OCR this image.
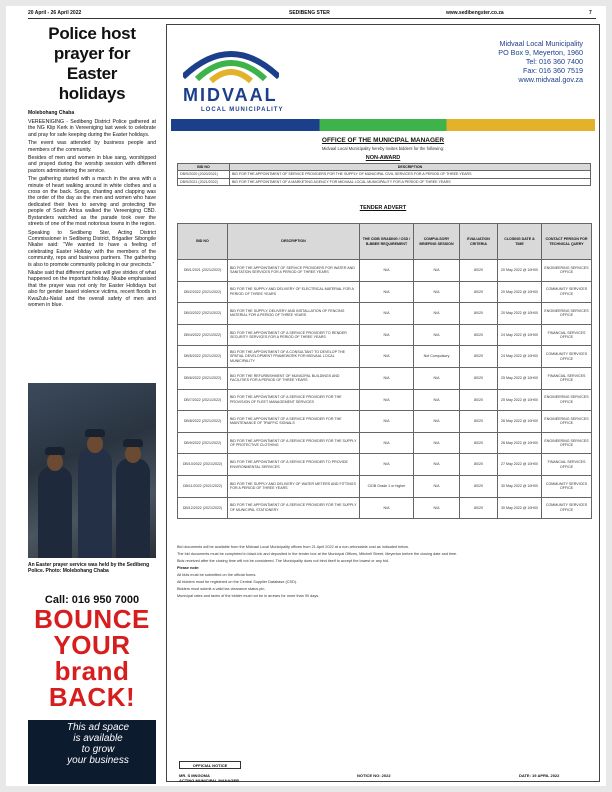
20 April - 26 April 2022	SEDIBENG STER	www.sedibengster.co.za	7
Police host
prayer for
Easter
holidays
Molebohang Chaba

VEREENIGING - Sedibeng District Police gathered at the NG Klip Kerk in Vereeniging last week to celebrate and pray for safe keeping during the Easter holidays.

The event was attended by business people and members of the community.

Besides of men and women in blue sang, worshipped and prayed during the worship session with different pastors administering the service.

The gathering started with a march in the area with a minute of heart walking around in white clothes and a cross on the back. Songs, chanting and clapping was the order of the day as the men and women who have dedicated their lives to serving and protecting the people of South Africa walked the Vereeniging CBD. Bystanders watched as the parade took over the streets of one of the most notorious towns in the region.

Speaking to Sedibeng Ster, Acting District Commissioner in Sedibeng District, Brigadier Sibongile Nkabe said: "We wanted to have a feeling of celebrating Easter Holiday with the members of the community, reps and business partners. The gathering is also to promote community policing in our precincts."

Nkabe said that different parties will give strides of what happened on the important holiday. Nkabe emphasised that the prayer was not only for Easter Holidays but also for gender based violence victims, recent floods in KwaZulu-Natal and the overall safety of men and women in blue.

An Easter prayer service was held by the Sedibeng Police. Photo: Molebohang Chaba
Call: 016 950 7000
BOUNCE
YOUR
brand
BACK!
This ad space
is available
to grow
your business
MIDVAAL
LOCAL MUNICIPALITY
Midvaal Local Municipality
PO Box 9, Meyerton, 1960
Tel: 016 360 7400
Fax: 016 360 7519
www.midvaal.gov.za
OFFICE OF THE MUNICIPAL MANAGER
Midvaal Local Municipality hereby invites bidders for the following:
NON-AWARD
BID NO	DESCRIPTION
DB/S/2020 (2020/2021)	BID FOR THE APPOINTMENT OF SERVICE PROVIDERS FOR THE SUPPLY OF MUNICIPAL CIVIL SERVICES FOR A PERIOD OF THREE YEARS
DB/S/2021 (2021/2022)	BID FOR THE APPOINTMENT OF A MARKETING AGENCY FOR MIDVAAL LOCAL MUNICIPALITY FOR A PERIOD OF THREE YEARS
TENDER ADVERT
BID NO	DESCRIPTION	THE CIDB GRADING / CSD / B-BBEE REQUIREMENT	COMPULSORY BRIEFING SESSION	EVALUATION CRITERIA	CLOSING DATE & TIME	CONTACT PERSON FOR TECHNICAL QUERY
DB/1/2021 (2021/2022)	BID FOR THE APPOINTMENT OF SERVICE PROVIDERS FOR WATER AND SANITATION SERVICES FOR A PERIOD OF THREE YEARS	N/A	N/A	80/20	20 May 2022 @ 10H00	ENGINEERING SERVICES OFFICE
DB/2/2022 (2021/2022)	BID FOR THE SUPPLY AND DELIVERY OF ELECTRICAL MATERIAL FOR A PERIOD OF THREE YEARS	N/A	N/A	80/20	20 May 2022 @ 10H00	COMMUNITY SERVICES OFFICE
DB/3/2022 (2021/2022)	BID FOR THE SUPPLY, DELIVERY AND INSTALLATION OF FENCING MATERIAL FOR A PERIOD OF THREE YEARS	N/A	N/A	80/20	20 May 2022 @ 10H00	ENGINEERING SERVICES OFFICE
DB/4/2022 (2021/2022)	BID FOR THE APPOINTMENT OF A SERVICE PROVIDER TO RENDER SECURITY SERVICES FOR A PERIOD OF THREE YEARS	N/A	N/A	80/20	24 May 2022 @ 10H00	FINANCIAL SERVICES OFFICE
DB/5/2022 (2021/2022)	BID FOR THE APPOINTMENT OF A CONSULTANT TO DEVELOP THE SPATIAL DEVELOPMENT FRAMEWORK FOR MIDVAAL LOCAL MUNICIPALITY	N/A	Not Compulsory	80/20	24 May 2022 @ 10H00	COMMUNITY SERVICES OFFICE
DB/6/2022 (2021/2022)	BID FOR THE REFURBISHMENT OF MUNICIPAL BUILDINGS AND FACILITIES FOR A PERIOD OF THREE YEARS	N/A	N/A	80/20	25 May 2022 @ 10H00	FINANCIAL SERVICES OFFICE
DB/7/2022 (2021/2022)	BID FOR THE APPOINTMENT OF A SERVICE PROVIDER FOR THE PROVISION OF FLEET MANAGEMENT SERVICES	N/A	N/A	80/20	25 May 2022 @ 10H00	ENGINEERING SERVICES OFFICE
DB/8/2022 (2021/2022)	BID FOR THE APPOINTMENT OF A SERVICE PROVIDER FOR THE MAINTENANCE OF TRAFFIC SIGNALS	N/A	N/A	80/20	26 May 2022 @ 10H00	ENGINEERING SERVICES OFFICE
DB/9/2022 (2021/2022)	BID FOR THE APPOINTMENT OF A SERVICE PROVIDER FOR THE SUPPLY OF PROTECTIVE CLOTHING	N/A	N/A	80/20	26 May 2022 @ 10H00	ENGINEERING SERVICES OFFICE
DB/10/2022 (2021/2022)	BID FOR THE APPOINTMENT OF A SERVICE PROVIDER TO PROVIDE ENVIRONMENTAL SERVICES	N/A	N/A	80/20	27 May 2022 @ 10H00	FINANCIAL SERVICES OFFICE
DB/11/2022 (2021/2022)	BID FOR THE SUPPLY AND DELIVERY OF WATER METERS AND FITTINGS FOR A PERIOD OF THREE YEARS	CIDB Grade 1 or higher	N/A	80/20	30 May 2022 @ 10H00	COMMUNITY SERVICES OFFICE
DB/12/2022 (2021/2022)	BID FOR THE APPOINTMENT OF A SERVICE PROVIDER FOR THE SUPPLY OF MUNICIPAL STATIONERY	N/A	N/A	80/20	30 May 2022 @ 10H00	COMMUNITY SERVICES OFFICE

Bid documents will be available from the Midvaal Local Municipality offices from 21 April 2022 at a non-refundable cost as indicated below.

The bid documents must be completed in black ink and deposited in the tender box at the Municipal Offices, Mitchell Street, Meyerton before the closing date and time.

Bids received after the closing time will not be considered. The Municipality does not bind itself to accept the lowest or any bid.

Please note:

All bids must be submitted on the official forms.

All bidders must be registered on the Central Supplier Database (CSD).

Bidders must submit a valid tax clearance status pin.

Municipal rates and taxes of the bidder must not be in arrears for more than 90 days.

OFFICIAL NOTICE
MR. S MNGOMA
ACTING MUNICIPAL MANAGER
NOTICE NO: 2022	DATE: 19 APRIL 2022
